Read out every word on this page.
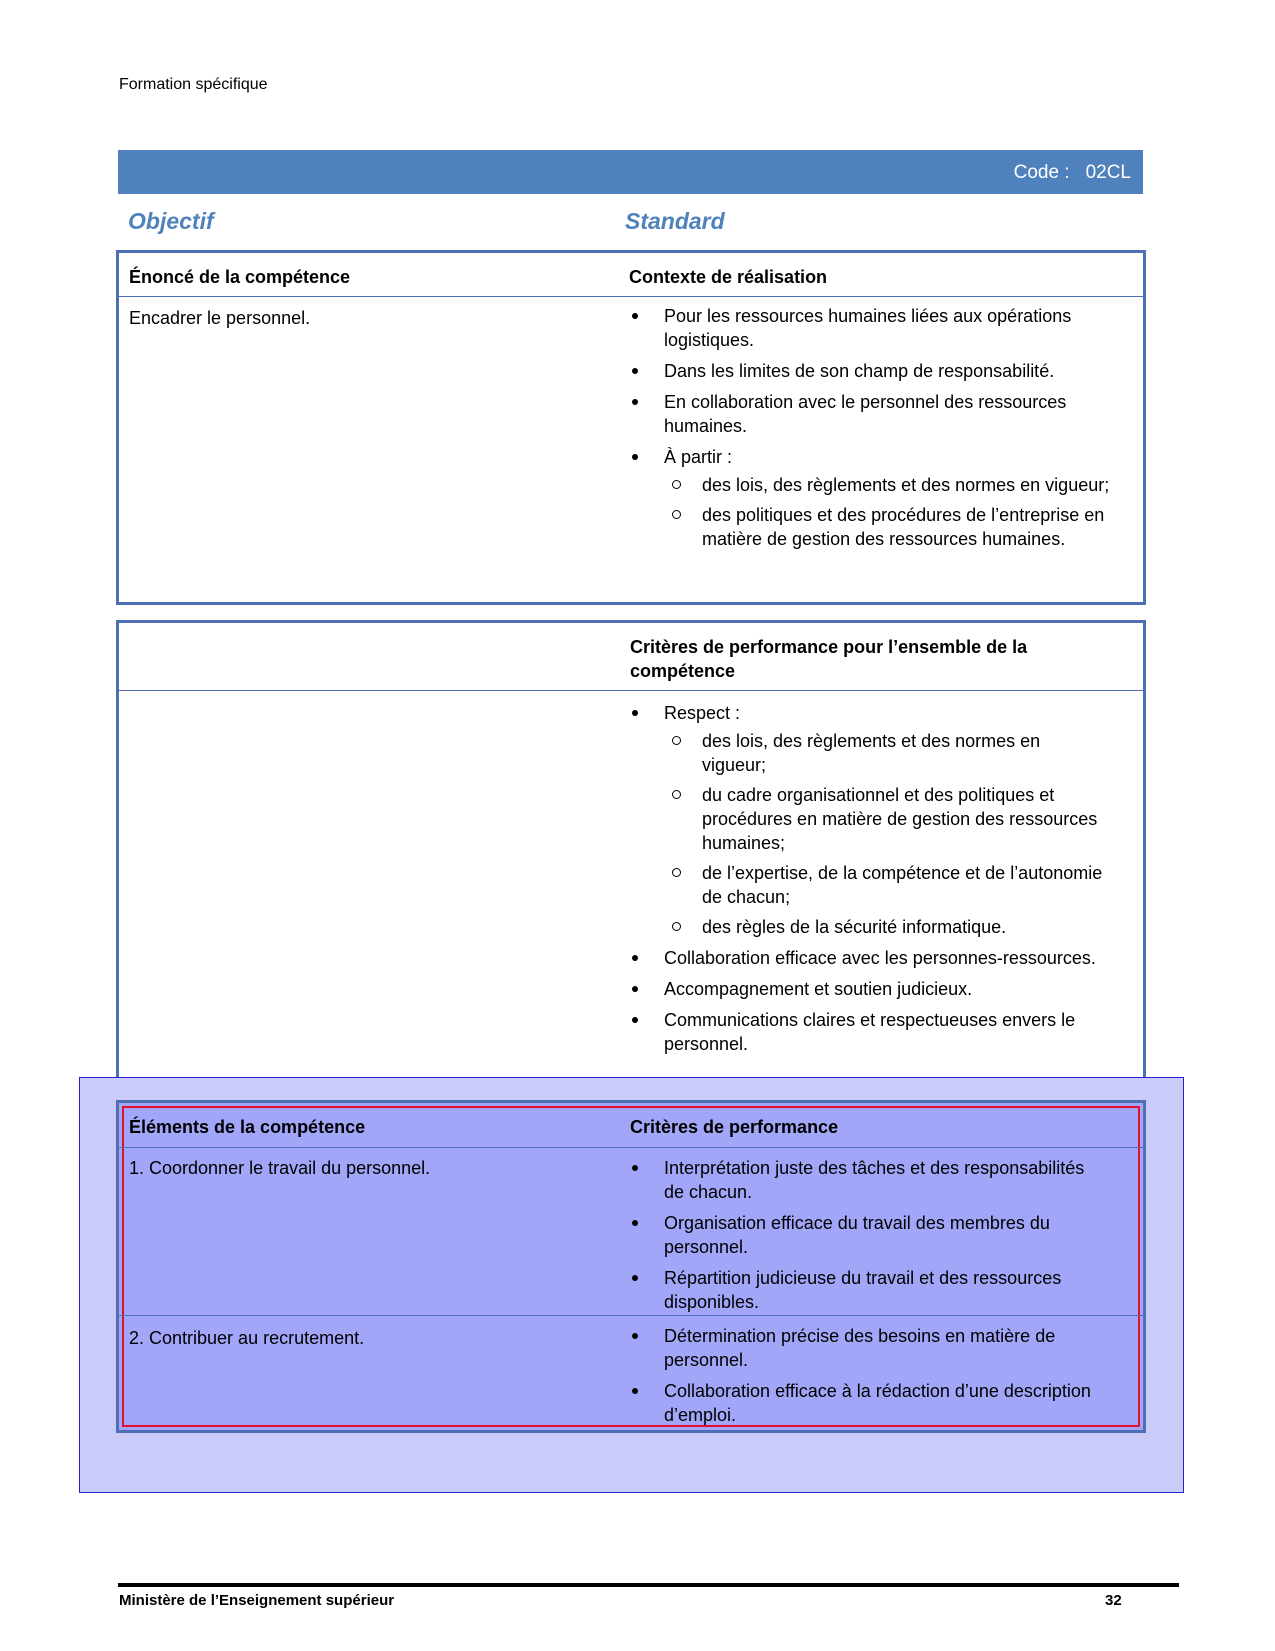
Formation spécifique
Code : 02CL
Objectif	Standard
Énoncé de la compétence	Contexte de réalisation
Encadrer le personnel.	Pour les ressources humaines liées aux opérations logistiques.
Dans les limites de son champ de responsabilité.
En collaboration avec le personnel des ressources humaines.
À partir :
des lois, des règlements et des normes en vigueur;
des politiques et des procédures de l’entreprise en matière de gestion des ressources humaines.
Critères de performance pour l’ensemble de la compétence
Respect :
des lois, des règlements et des normes en vigueur;
du cadre organisationnel et des politiques et procédures en matière de gestion des ressources humaines;
de l’expertise, de la compétence et de l’autonomie de chacun;
des règles de la sécurité informatique.
Collaboration efficace avec les personnes-ressources.
Accompagnement et soutien judicieux.
Communications claires et respectueuses envers le personnel.
Éléments de la compétence	Critères de performance
1. Coordonner le travail du personnel.	Interprétation juste des tâches et des responsabilités de chacun.
Organisation efficace du travail des membres du personnel.
Répartition judicieuse du travail et des ressources disponibles.
2. Contribuer au recrutement.	Détermination précise des besoins en matière de personnel.
Collaboration efficace à la rédaction d’une description d’emploi.
Ministère de l’Enseignement supérieur	32
